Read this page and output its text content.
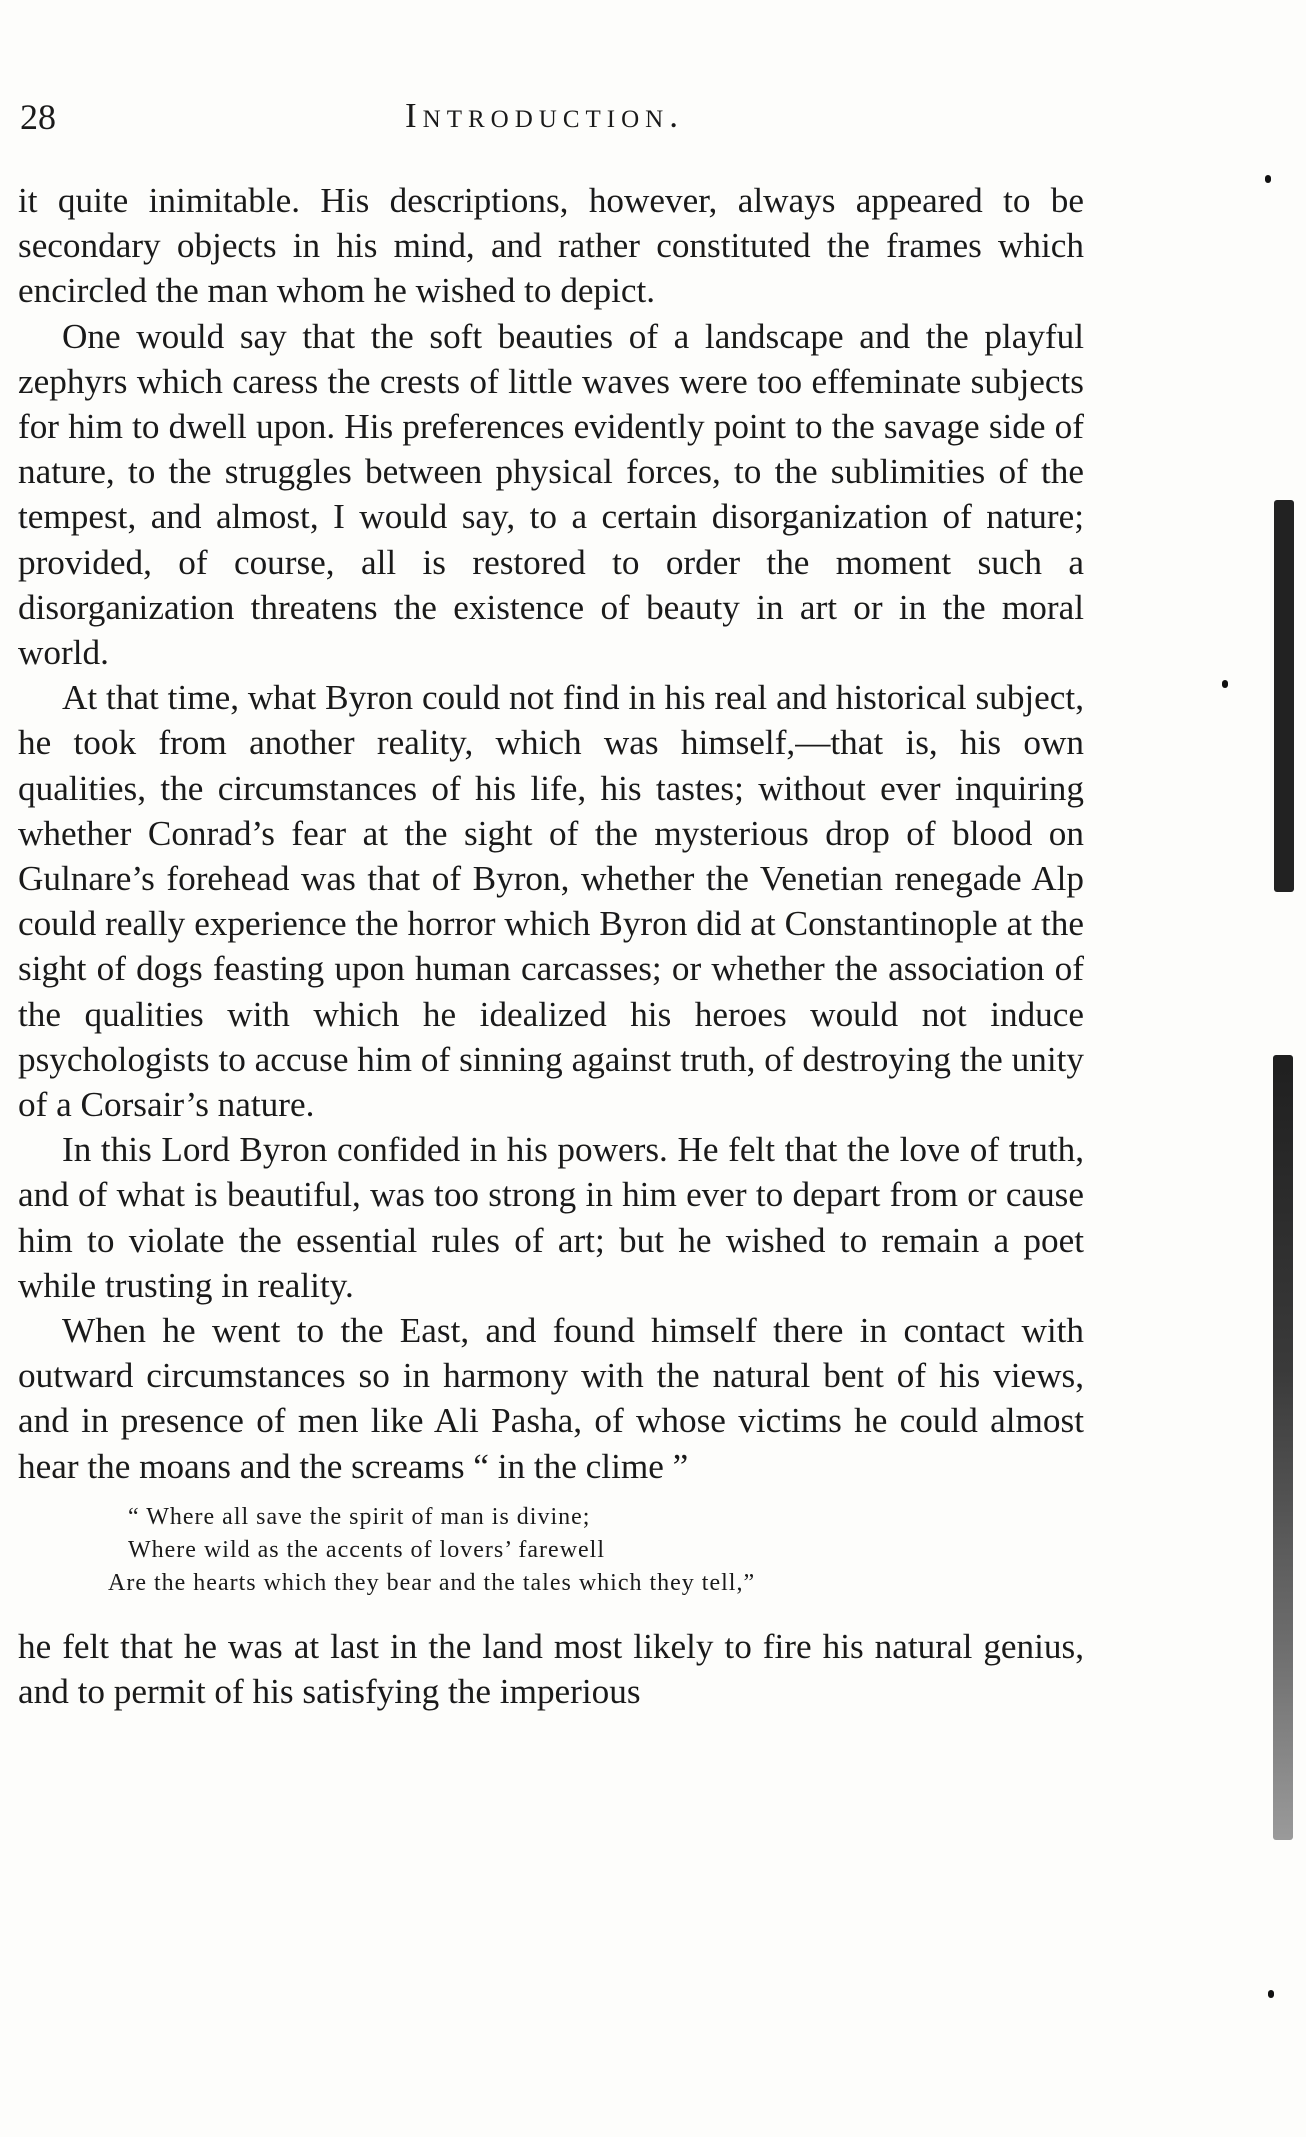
28	Introduction.

it quite inimitable. His descriptions, however, always appeared to be secondary objects in his mind, and rather constituted the frames which encircled the man whom he wished to depict.

One would say that the soft beauties of a landscape and the playful zephyrs which caress the crests of little waves were too effeminate subjects for him to dwell upon. His preferences evidently point to the savage side of nature, to the struggles between physical forces, to the sublimities of the tempest, and almost, I would say, to a certain disorganization of nature; provided, of course, all is restored to order the moment such a disorganization threatens the existence of beauty in art or in the moral world.

At that time, what Byron could not find in his real and historical subject, he took from another reality, which was himself,—that is, his own qualities, the circumstances of his life, his tastes; without ever inquiring whether Conrad’s fear at the sight of the mysterious drop of blood on Gulnare’s forehead was that of Byron, whether the Venetian renegade Alp could really experience the horror which Byron did at Constantinople at the sight of dogs feasting upon human carcasses; or whether the association of the qualities with which he idealized his heroes would not induce psychologists to accuse him of sinning against truth, of destroying the unity of a Corsair’s nature.

In this Lord Byron confided in his powers. He felt that the love of truth, and of what is beautiful, was too strong in him ever to depart from or cause him to violate the essential rules of art; but he wished to remain a poet while trusting in reality.

When he went to the East, and found himself there in contact with outward circumstances so in harmony with the natural bent of his views, and in presence of men like Ali Pasha, of whose victims he could almost hear the moans and the screams “ in the clime ”

“ Where all save the spirit of man is divine;
Where wild as the accents of lovers’ farewell
Are the hearts which they bear and the tales which they tell,”

he felt that he was at last in the land most likely to fire his natural genius, and to permit of his satisfying the imperious
